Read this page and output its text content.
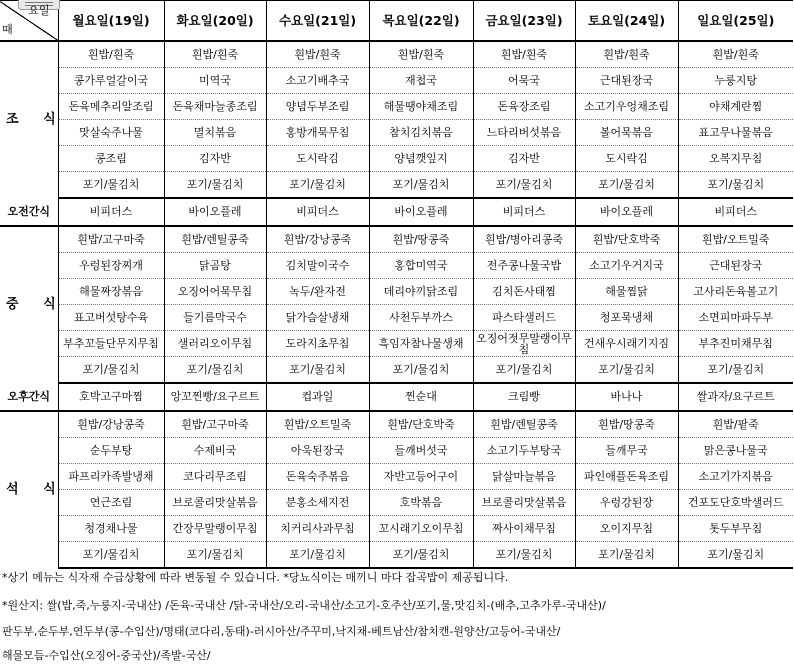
요일
때	월요일(19일)	화요일(20일)	수요일(21일)	목요일(22일)	금요일(23일)	토요일(24일)	일요일(25일)
조 식	흰밥/흰죽	흰밥/흰죽	흰밥/흰죽	흰밥/흰죽	흰밥/흰죽	흰밥/흰죽	흰밥/흰죽
	콩가루얼갈이국	미역국	소고기배추국	재첩국	어묵국	근대된장국	누룽지탕
	돈육메추리알조림	돈육채마늘종조림	양념두부조림	해물땡야채조림	돈육장조림	소고기우엉채조림	야채계란찜
	맛살숙주나물	멸치볶음	홍방개묵무침	참치김치볶음	느타리버섯볶음	볼어묵볶음	표고무나물볶음
	콩조림	김자반	도시락김	양념깻잎지	김자반	도시락김	오복지무침
	포기/물김치	포기/물김치	포기/물김치	포기/물김치	포기/물김치	포기/물김치	포기/물김치
오전간식	비피더스	바이오플레	비피더스	바이오플레	비피더스	바이오플레	비피더스
중 식	흰밥/고구마죽	흰밥/렌틸콩죽	흰밥/강낭콩죽	흰밥/땅콩죽	흰밥/병아리콩죽	흰밥/단호박죽	흰밥/오트밀죽
	우렁된장찌개	닭곰탕	김치말이국수	홍합미역국	전주콩나물국밥	소고기우거지국	근대된장국
	해물짜장볶음	오징어어묵무침	녹두/완자전	데리야끼닭조림	김치돈사태찜	해물찜닭	고사리돈육볼고기
	표고버섯탕수육	들기름막국수	닭가슴살냉채	사천두부까스	파스타샐러드	청포묵냉채	소면피마파두부
	부추꼬들단무지무침	샐러리오이무침	도라지초무침	흑임자참나물생채	오징어젓무말랭이무침	건새우시래기지짐	부추진미채무침
	포기/물김치	포기/물김치	포기/물김치	포기/물김치	포기/물김치	포기/물김치	포기/물김치
오후간식	호박고구마찜	앙꼬찐빵/요구르트	컵과일	찐순대	크림빵	바나나	쌀과자/요구르트
석 식	흰밥/강낭콩죽	흰밥/고구마죽	흰밥/오트밀죽	흰밥/단호박죽	흰밥/렌틸콩죽	흰밥/땅콩죽	흰밥/팥죽
	순두부탕	수제비국	아욱된장국	들깨버섯국	소고기두부탕국	들깨무국	맑은콩나물국
	파프리카족발냉채	코다리무조림	돈육숙주볶음	자반고등어구이	닭살마늘볶음	파인애플돈육조림	소고기가지볶음
	연근조림	브로콜리맛살볶음	분홍소세지전	호박볶음	브로콜리맛살볶음	우렁강된장	건포도단호박샐러드
	청경채나물	간장무말랭이무침	치커리사과무침	꼬시래기오이무침	짜사이채무침	오이지무침	톳두부무침
	포기/물김치	포기/물김치	포기/물김치	포기/물김치	포기/물김치	포기/물김치	포기/물김치
*상기 메뉴는 식자재 수급상황에 따라 변동될 수 있습니다. *당뇨식이는 매끼니 마다 잡곡밥이 제공됩니다.
*원산지: 쌀(밥,죽,누룽지-국내산) /돈육-국내산 /닭-국내산/오리-국내산/소고기-호주산/포기,물,맛김치-(배추,고추가루-국내산)/
판두부,순두부,연두부(콩-수입산)/명태(코다리,동태)-러시아산/주꾸미,낙지채-베트남산/참치캔-원양산/고등어-국내산/
해물모듬-수입산(오징어-중국산)/족발-국산/
